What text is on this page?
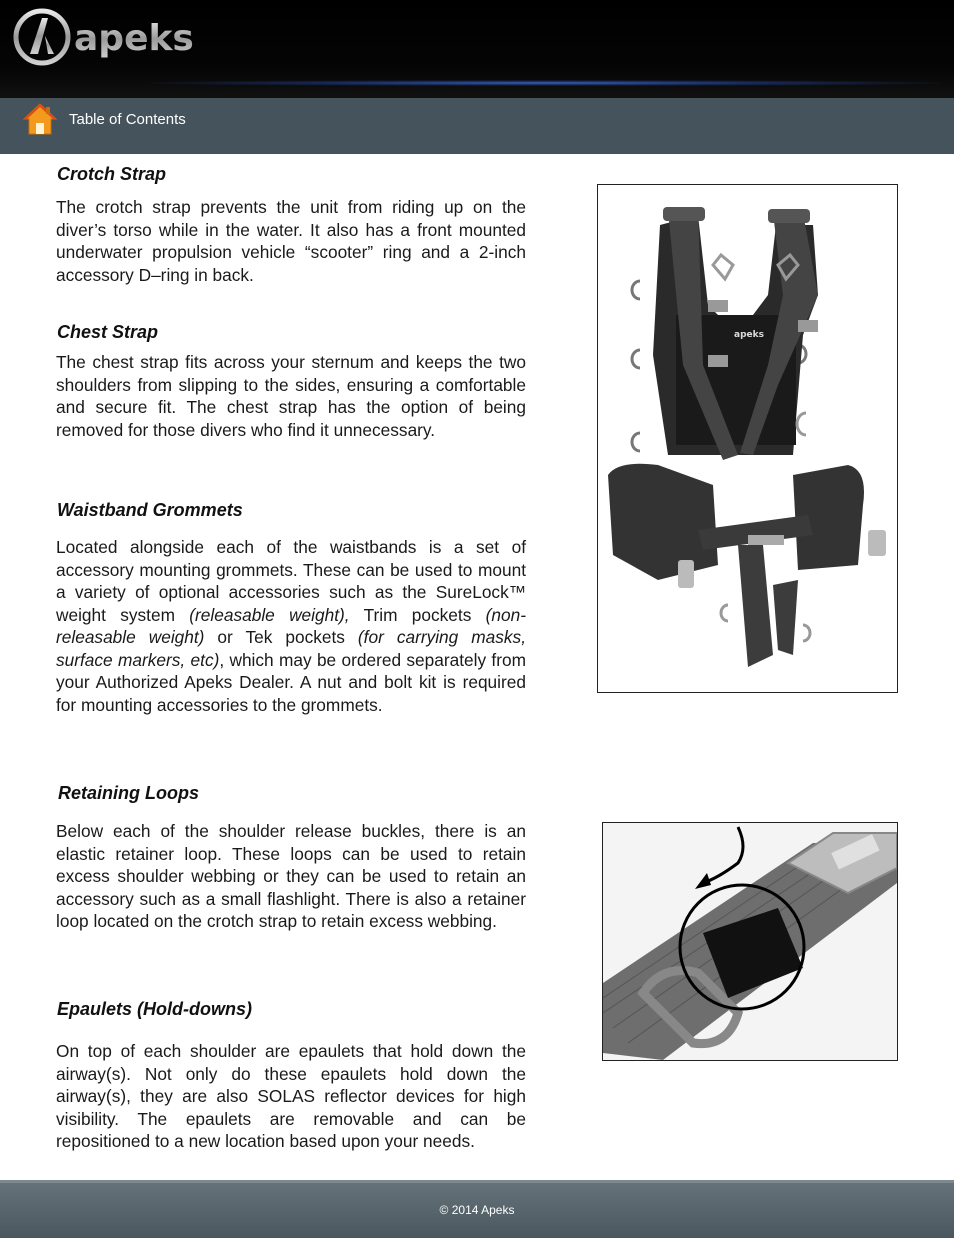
apeks
Table of Contents
Crotch Strap

The crotch strap prevents the unit from riding up on the diver’s torso while in the water. It also has a front mounted underwater propulsion vehicle “scooter” ring and a 2-inch accessory D–ring in back.

Chest Strap

The chest strap fits across your sternum and keeps the two shoulders from slipping to the sides, ensuring a comfortable and secure fit. The chest strap has the option of being removed for those divers who find it unnecessary.

Waistband Grommets

Located alongside each of the waistbands is a set of accessory mounting grommets. These can be used to mount a variety of optional accessories such as the SureLock™ weight system (releasable weight), Trim pockets (non-releasable weight) or Tek pockets (for carrying masks, surface markers, etc), which may be ordered separately from your Authorized Apeks Dealer. A nut and bolt kit is required for mounting accessories to the grommets.

Retaining Loops

Below each of the shoulder release buckles, there is an elastic retainer loop. These loops can be used to retain excess shoulder webbing or they can be used to retain an accessory such as a small flashlight. There is also a retainer loop located on the crotch strap to retain excess webbing.

Epaulets (Hold-downs)

On top of each shoulder are epaulets that hold down the airway(s). Not only do these epaulets hold down the airway(s), they are also SOLAS reflector devices for high visibility. The epaulets are removable and can be repositioned to a new location based upon your needs.

apeks
© 2014 Apeks
